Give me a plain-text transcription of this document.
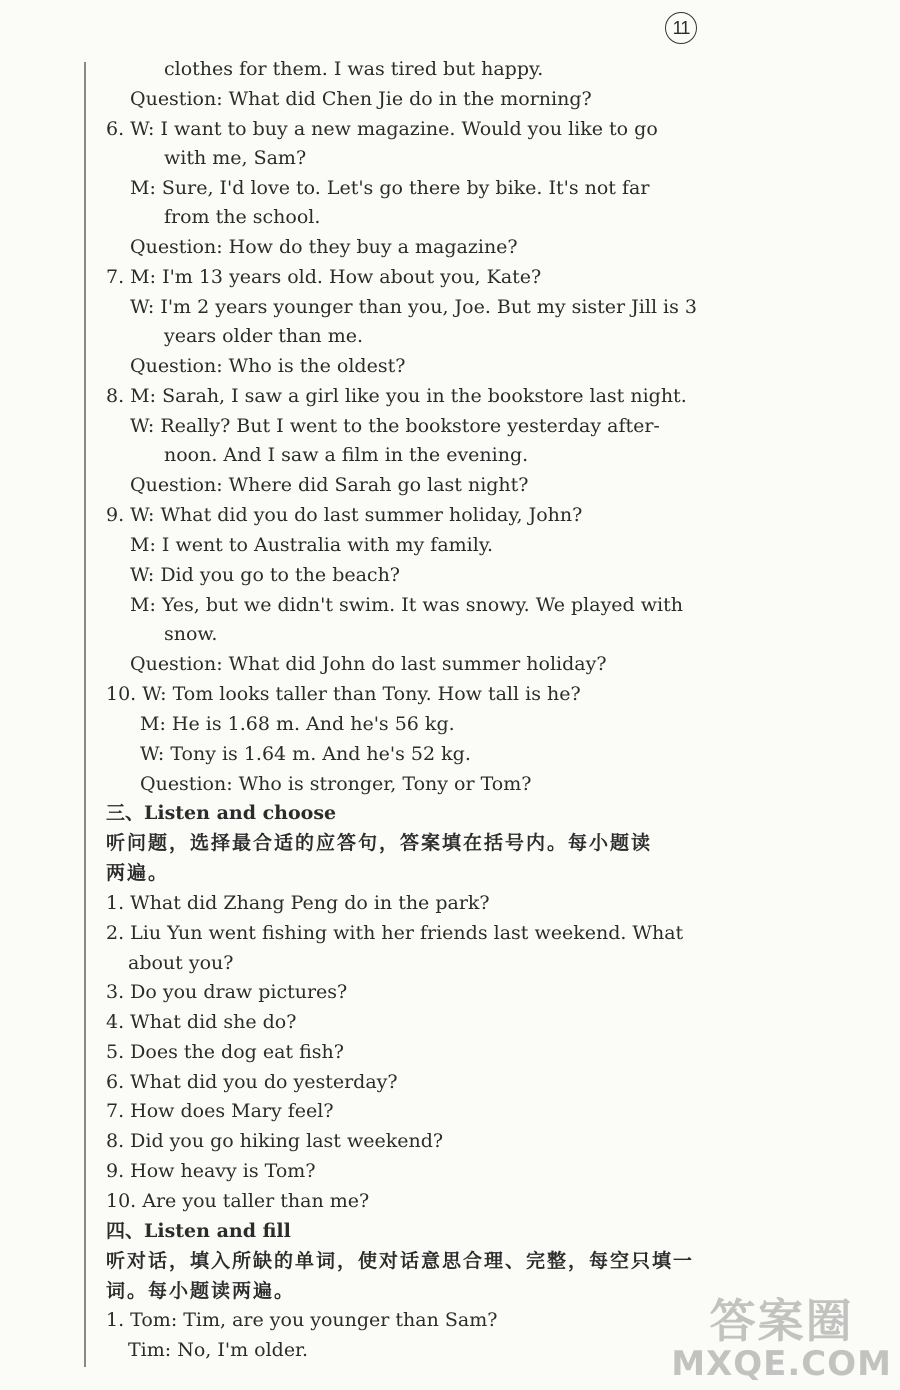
11
clothes for them. I was tired but happy.
Question: What did Chen Jie do in the morning?
6. W: I want to buy a new magazine. Would you like to go
with me, Sam?
M: Sure, I'd love to. Let's go there by bike. It's not far
from the school.
Question: How do they buy a magazine?
7. M: I'm 13 years old. How about you, Kate?
W: I'm 2 years younger than you, Joe. But my sister Jill is 3
years older than me.
Question: Who is the oldest?
8. M: Sarah, I saw a girl like you in the bookstore last night.
W: Really? But I went to the bookstore yesterday after-
noon. And I saw a film in the evening.
Question: Where did Sarah go last night?
9. W: What did you do last summer holiday, John?
M: I went to Australia with my family.
W: Did you go to the beach?
M: Yes, but we didn't swim. It was snowy. We played with
snow.
Question: What did John do last summer holiday?
10. W: Tom looks taller than Tony. How tall is he?
M: He is 1.68 m. And he's 56 kg.
W: Tony is 1.64 m. And he's 52 kg.
Question: Who is stronger, Tony or Tom?
三、Listen and choose
听问题，选择最合适的应答句，答案填在括号内。每小题读
两遍。
1. What did Zhang Peng do in the park?
2. Liu Yun went fishing with her friends last weekend. What
about you?
3. Do you draw pictures?
4. What did she do?
5. Does the dog eat fish?
6. What did you do yesterday?
7. How does Mary feel?
8. Did you go hiking last weekend?
9. How heavy is Tom?
10. Are you taller than me?
四、Listen and fill
听对话，填入所缺的单词，使对话意思合理、完整，每空只填一
词。每小题读两遍。
1. Tom: Tim, are you younger than Sam?
Tim: No, I'm older.
答案圈
MXQE.COM
